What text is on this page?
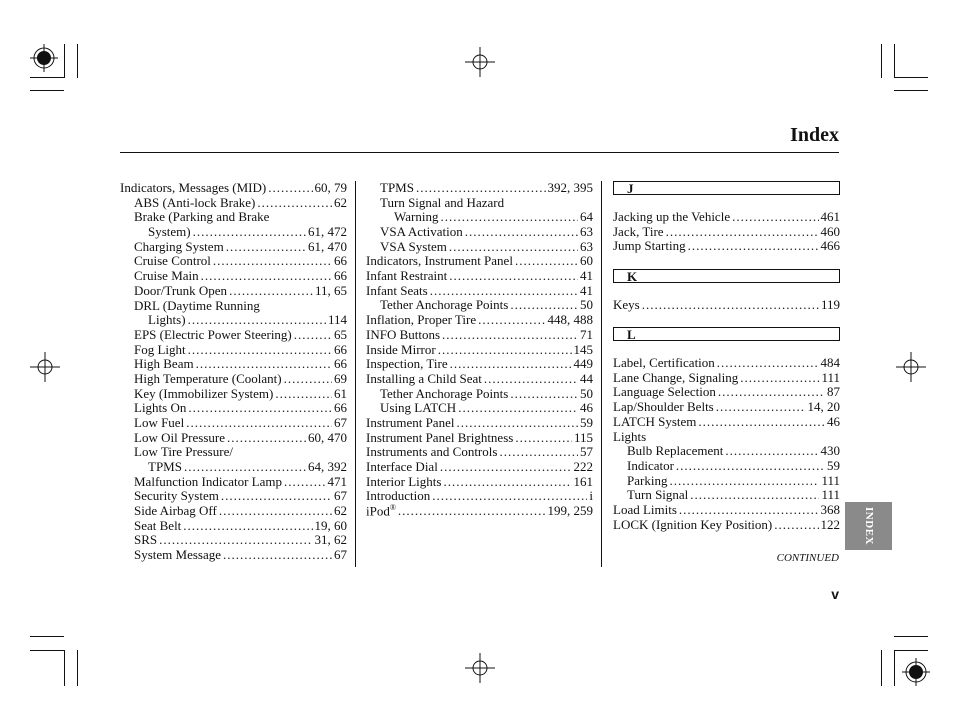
Index
Indicators, Messages (MID) .....	60, 79
ABS (Anti-lock Brake) .....	62
Brake (Parking and Brake
System) .....	61, 472
Charging System .....	61, 470
Cruise Control .....	66
Cruise Main .....	66
Door/Trunk Open .....	11, 65
DRL (Daytime Running
Lights) .....	114
EPS (Electric Power Steering) .....	65
Fog Light .....	66
High Beam .....	66
High Temperature (Coolant) .....	69
Key (Immobilizer System) .....	61
Lights On .....	66
Low Fuel .....	67
Low Oil Pressure .....	60, 470
Low Tire Pressure/
TPMS .....	64, 392
Malfunction Indicator Lamp .....	471
Security System .....	67
Side Airbag Off .....	62
Seat Belt .....	19, 60
SRS .....	31, 62
System Message .....	67
TPMS .....	392, 395
Turn Signal and Hazard
Warning .....	64
VSA Activation .....	63
VSA System .....	63
Indicators, Instrument Panel .....	60
Infant Restraint .....	41
Infant Seats .....	41
Tether Anchorage Points .....	50
Inflation, Proper Tire .....	448, 488
INFO Buttons .....	71
Inside Mirror .....	145
Inspection, Tire .....	449
Installing a Child Seat .....	44
Tether Anchorage Points .....	50
Using LATCH .....	46
Instrument Panel .....	59
Instrument Panel Brightness .....	115
Instruments and Controls .....	57
Interface Dial .....	222
Interior Lights .....	161
Introduction .....	i
iPod® .....	199, 259
J
Jacking up the Vehicle .....	461
Jack, Tire .....	460
Jump Starting .....	466
K
Keys .....	119
L
Label, Certification .....	484
Lane Change, Signaling .....	111
Language Selection .....	87
Lap/Shoulder Belts .....	14, 20
LATCH System .....	46
Lights
Bulb Replacement .....	430
Indicator .....	59
Parking .....	111
Turn Signal .....	111
Load Limits .....	368
LOCK (Ignition Key Position) .....	122
CONTINUED
v
INDEX
